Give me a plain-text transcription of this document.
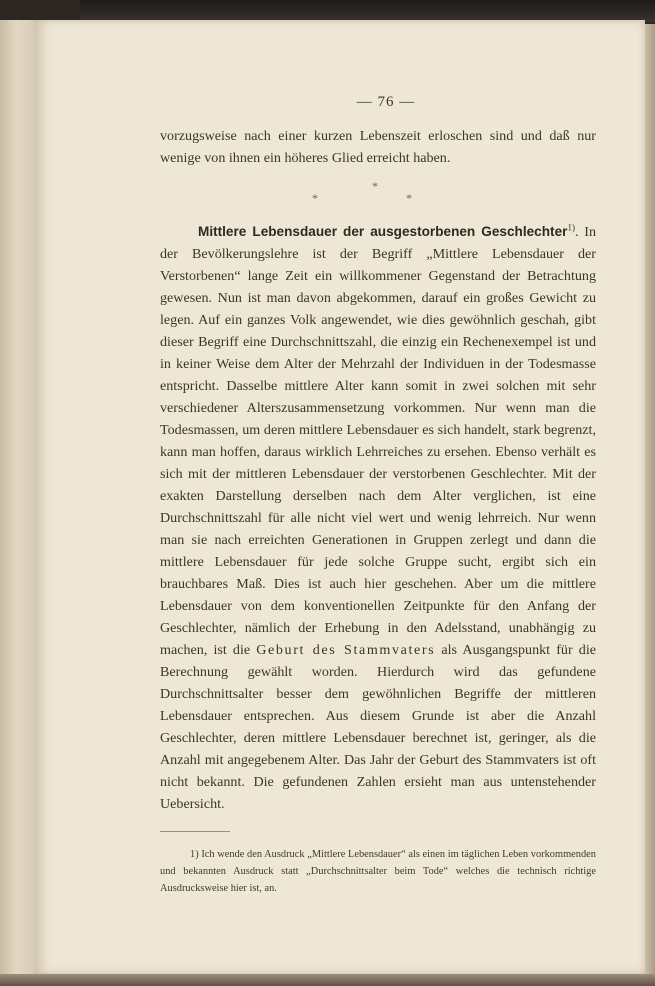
— 76 —

vorzugsweise nach einer kurzen Lebenszeit erloschen sind und daß nur wenige von ihnen ein höheres Glied erreicht haben.

*
*
*

Mittlere Lebensdauer der ausgestorbenen Geschlechter$^{1)}$. In der Bevölkerungslehre ist der Begriff „Mittlere Lebensdauer der Verstorbenen“ lange Zeit ein willkommener Gegenstand der Betrachtung gewesen. Nun ist man davon abgekommen, darauf ein großes Gewicht zu legen. Auf ein ganzes Volk angewendet, wie dies gewöhnlich geschah, gibt dieser Begriff eine Durchschnittszahl, die einzig ein Rechenexempel ist und in keiner Weise dem Alter der Mehrzahl der Individuen in der Todesmasse entspricht. Dasselbe mittlere Alter kann somit in zwei solchen mit sehr verschiedener Alterszusammensetzung vorkommen. Nur wenn man die Todesmassen, um deren mittlere Lebensdauer es sich handelt, stark begrenzt, kann man hoffen, daraus wirklich Lehrreiches zu ersehen. Ebenso verhält es sich mit der mittleren Lebensdauer der verstorbenen Geschlechter. Mit der exakten Darstellung derselben nach dem Alter verglichen, ist eine Durchschnittszahl für alle nicht viel wert und wenig lehrreich. Nur wenn man sie nach erreichten Generationen in Gruppen zerlegt und dann die mittlere Lebensdauer für jede solche Gruppe sucht, ergibt sich ein brauchbares Maß. Dies ist auch hier geschehen. Aber um die mittlere Lebensdauer von dem konventionellen Zeitpunkte für den Anfang der Geschlechter, nämlich der Erhebung in den Adelsstand, unabhängig zu machen, ist die Geburt des Stammvaters als Ausgangspunkt für die Berechnung gewählt worden. Hierdurch wird das gefundene Durchschnittsalter besser dem gewöhnlichen Begriffe der mittleren Lebensdauer entsprechen. Aus diesem Grunde ist aber die Anzahl Geschlechter, deren mittlere Lebensdauer berechnet ist, geringer, als die Anzahl mit angegebenem Alter. Das Jahr der Geburt des Stammvaters ist oft nicht bekannt. Die gefundenen Zahlen ersieht man aus untenstehender Uebersicht.

1) Ich wende den Ausdruck „Mittlere Lebensdauer“ als einen im täglichen Leben vorkommenden und bekannten Ausdruck statt „Durchschnittsalter beim Tode“ welches die technisch richtige Ausdrucksweise hier ist, an.
